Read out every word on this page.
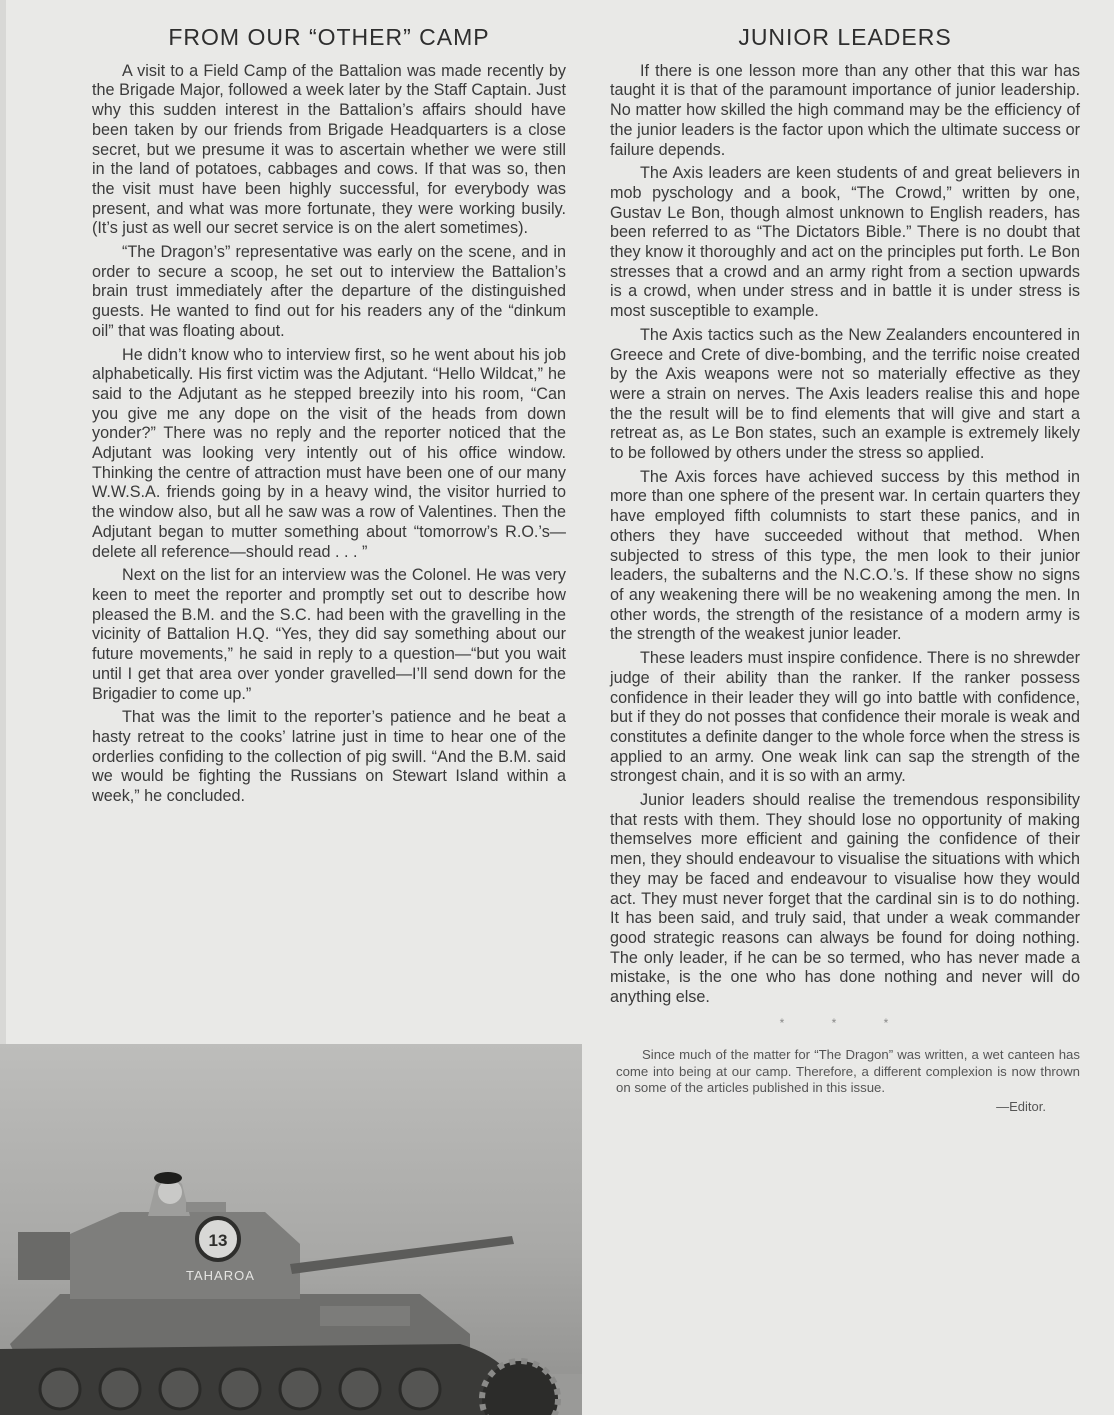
FROM OUR “OTHER” CAMP

A visit to a Field Camp of the Battalion was made recently by the Brigade Major, followed a week later by the Staff Captain. Just why this sudden interest in the Battalion’s affairs should have been taken by our friends from Brigade Headquarters is a close secret, but we presume it was to ascertain whether we were still in the land of potatoes, cabbages and cows. If that was so, then the visit must have been highly successful, for everybody was present, and what was more fortunate, they were working busily. (It’s just as well our secret service is on the alert sometimes).

“The Dragon’s” representative was early on the scene, and in order to secure a scoop, he set out to interview the Battalion’s brain trust immediately after the departure of the distinguished guests. He wanted to find out for his readers any of the “dinkum oil” that was floating about.

He didn’t know who to interview first, so he went about his job alphabetically. His first victim was the Adjutant. “Hello Wildcat,” he said to the Adjutant as he stepped breezily into his room, “Can you give me any dope on the visit of the heads from down yonder?” There was no reply and the reporter noticed that the Adjutant was looking very intently out of his office window. Thinking the centre of attraction must have been one of our many W.W.S.A. friends going by in a heavy wind, the visitor hurried to the window also, but all he saw was a row of Valentines. Then the Adjutant began to mutter something about “tomorrow’s R.O.’s—delete all reference—should read . . . ”

Next on the list for an interview was the Colonel. He was very keen to meet the reporter and promptly set out to describe how pleased the B.M. and the S.C. had been with the gravelling in the vicinity of Battalion H.Q. “Yes, they did say something about our future movements,” he said in reply to a question—“but you wait until I get that area over yonder gravelled—I’ll send down for the Brigadier to come up.”

That was the limit to the reporter’s patience and he beat a hasty retreat to the cooks’ latrine just in time to hear one of the orderlies confiding to the collection of pig swill. “And the B.M. said we would be fighting the Russians on Stewart Island within a week,” he concluded.

JUNIOR LEADERS

If there is one lesson more than any other that this war has taught it is that of the paramount importance of junior leadership. No matter how skilled the high command may be the efficiency of the junior leaders is the factor upon which the ultimate success or failure depends.

The Axis leaders are keen students of and great believers in mob pyschology and a book, “The Crowd,” written by one, Gustav Le Bon, though almost unknown to English readers, has been referred to as “The Dictators Bible.” There is no doubt that they know it thoroughly and act on the principles put forth. Le Bon stresses that a crowd and an army right from a section upwards is a crowd, when under stress and in battle it is under stress is most susceptible to example.

The Axis tactics such as the New Zealanders encountered in Greece and Crete of dive-bombing, and the terrific noise created by the Axis weapons were not so materially effective as they were a strain on nerves. The Axis leaders realise this and hope the the result will be to find elements that will give and start a retreat as, as Le Bon states, such an example is extremely likely to be followed by others under the stress so applied.

The Axis forces have achieved success by this method in more than one sphere of the present war. In certain quarters they have employed fifth columnists to start these panics, and in others they have succeeded without that method. When subjected to stress of this type, the men look to their junior leaders, the subalterns and the N.C.O.’s. If these show no signs of any weakening there will be no weakening among the men. In other words, the strength of the resistance of a modern army is the strength of the weakest junior leader.

These leaders must inspire confidence. There is no shrewder judge of their ability than the ranker. If the ranker possess confidence in their leader they will go into battle with confidence, but if they do not posses that confidence their morale is weak and constitutes a definite danger to the whole force when the stress is applied to an army. One weak link can sap the strength of the strongest chain, and it is so with an army.

Junior leaders should realise the tremendous responsibility that rests with them. They should lose no opportunity of making themselves more efficient and gaining the confidence of their men, they should endeavour to visualise the situations with which they may be faced and endeavour to visualise how they would act. They must never forget that the cardinal sin is to do nothing. It has been said, and truly said, that under a weak commander good strategic reasons can always be found for doing nothing. The only leader, if he can be so termed, who has never made a mistake, is the one who has done nothing and never will do anything else.

* * *

Since much of the matter for “The Dragon” was written, a wet canteen has come into being at our camp. Therefore, a different complexion is now thrown on some of the articles published in this issue.

—Editor.
13
TAHAROA
